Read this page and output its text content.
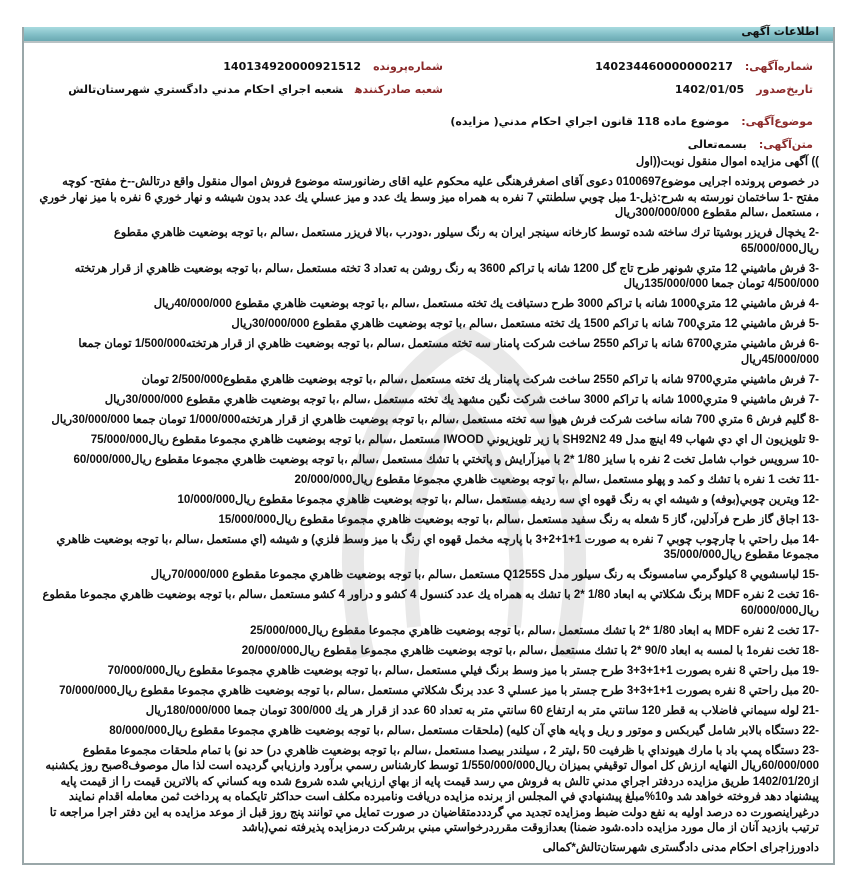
اطلاعات آگهی
شماره‌آگهی:140234460000000217
شماره‌پرونده140134920000921512
تاریخ‌صدور1402/01/05
شعبه صادر‌کنندهشعبه اجراي احكام مدني دادگستري شهرستان‌تالش
موضوع‌آگهی:موضوع ماده 118 قانون اجراي احكام مدني( مزايده)
متن‌آگهی:بسمه‌تعالی

)) آگهی مزایده اموال منقول نوبت((اول

در خصوص پرونده اجرایی موضوع0100697 دعوی آقای اصغرفرهنگی علیه محکوم علیه اقای رضانورسته موضوع فروش اموال منقول واقع درتالش--خ مفتح- کوچه مفتح -1 ساختمان نورسته به شرح:ذیل-1 مبل چوبي سلطنتي 7 نفره به همراه ميز وسط يك عدد و ميز عسلي يك عدد بدون شيشه و نهار خوري 6 نفره با ميز نهار خوري ، مستعمل ،سالم مقطوع 300/000/000ريال

-2 یخچال فریزر بوشیتا ترك ساخته شده توسط کارخانه سینجر ایران به رنگ سیلور ،دودرب ،بالا فریزر مستعمل ،سالم ،با توجه بوضعيت ظاهري مقطوع ريال65/000/000

-3 فرش ماشيني 12 متري شونهر طرح تاج گل 1200 شانه با تراكم 3600 به رنگ روشن به تعداد 3 تخته مستعمل ،سالم ،با توجه بوضعيت ظاهري از قرار هرتخته 4/500/000 تومان جمعا 135/000/000ريال

-4 فرش ماشيني 12 متري1000 شانه با تراكم 3000 طرح دستبافت يك تخته مستعمل ،سالم ،با توجه بوضعيت ظاهري مقطوع 40/000/000ريال

-5 فرش ماشيني 12 متري700 شانه با تراكم 1500 يك تخته مستعمل ،سالم ،با توجه بوضعيت ظاهري مقطوع 30/000/000ريال

-6 فرش ماشيني متري6700 شانه با تراكم 2550 ساخت شركت پامنار سه تخته مستعمل ،سالم ،با توجه بوضعيت ظاهري از قرار هرتخته1/500/000 تومان جمعا 45/000/000ريال

-7 فرش ماشيني متري9700 شانه با تراكم 2550 ساخت شركت پامنار يك تخته مستعمل ،سالم ،با توجه بوضعيت ظاهري مقطوع2/500/000 تومان

-7 فرش ماشيني 9 متري1000 شانه با تراكم 3000 ساخت شركت نگين مشهد يك تخته مستعمل ،سالم ،با توجه بوضعيت ظاهري مقطوع 30/000/000ريال

-8 گليم فرش 6 متري 700 شانه ساخت شركت فرش هيوا سه تخته مستعمل ،سالم ،با توجه بوضعيت ظاهري از قرار هرتخته1/000/000 تومان جمعا 30/000/000ريال

-9 تلويزيون ال اي دي شهاب 49 اينچ مدل 49 SH92N2 با زير تلويزيوني IWOOD مستعمل ،سالم ،با توجه بوضعيت ظاهري مجموعا مقطوع ريال75/000/000

-10 سرويس خواب شامل تخت 2 نفره با سايز 1/80 *2 با ميزآرايش و پاتختي با تشك مستعمل ،سالم ،با توجه بوضعيت ظاهري مجموعا مقطوع ريال60/000/000

-11 تخت 1 نفره با تشك و كمد و پهلو مستعمل ،سالم ،با توجه بوضعيت ظاهري مجموعا مقطوع ريال20/000/000

-12 ويترين چوبي(بوفه) و شيشه اي به رنگ قهوه اي سه رديفه مستعمل ،سالم ،با توجه بوضعيت ظاهري مجموعا مقطوع ريال10/000/000

-13 اجاق گاز طرح فرآدلين، گاز 5 شعله به رنگ سفيد مستعمل ،سالم ،با توجه بوضعيت ظاهري مجموعا مقطوع ريال15/000/000

-14 مبل راحتي با چارچوب چوبي 7 نفره به صورت 1+1+2+3 با پارچه مخمل قهوه اي رنگ با ميز وسط فلزي) و شيشه (اي مستعمل ،سالم ،با توجه بوضعيت ظاهري مجموعا مقطوع ريال35/000/000

-15 لباسشويي 8 كيلوگرمي سامسونگ به رنگ سيلور مدل Q1255S مستعمل ،سالم ،با توجه بوضعيت ظاهري مجموعا مقطوع 70/000/000ريال

-16 تخت 2 نفره MDF برنگ شكلاتي به ابعاد 1/80 *2 با تشك به همراه يك عدد كنسول 4 كشو و دراور 4 كشو مستعمل ،سالم ،با توجه بوضعيت ظاهري مجموعا مقطوع ريال60/000/000

-17 تخت 2 نفره MDF به ابعاد 1/80 *2 با تشك مستعمل ،سالم ،با توجه بوضعيت ظاهري مجموعا مقطوع ريال25/000/000

-18 تخت نفره1 با لمسه به ابعاد 90/0 *2 با تشك مستعمل ،سالم ،با توجه بوضعيت ظاهري مجموعا مقطوع ريال20/000/000

-19 مبل راحتي 8 نفره بصورت 1+1+3+3 طرح جستر با ميز وسط برنگ فيلي مستعمل ،سالم ،با توجه بوضعيت ظاهري مجموعا مقطوع ريال70/000/000

-20 مبل راحتي 8 نفره بصورت 1+1+3+3 طرح جستر با ميز عسلي 3 عدد برنگ شكلاتي مستعمل ،سالم ،با توجه بوضعيت ظاهري مجموعا مقطوع ريال70/000/000

-21 لوله سيماني فاضلاب به قطر 120 سانتي متر به ارتفاع 60 سانتي متر به تعداد 60 عدد از قرار هر يك 300/000 تومان جمعا 180/000/000ريال

-22 دستگاه بالابر شامل گيربكس و موتور و ريل و پايه هاي آن كليه) (ملحقات مستعمل ،سالم ،با توجه بوضعيت ظاهري مجموعا مقطوع ريال80/000/000

-23 دستگاه پمپ باد با مارك هيونداي با ظرفيت 50 ،ليتر 2 ، سيلندر بيصدا مستعمل ،سالم ،با توجه بوضعيت ظاهري در) حد نو) با تمام ملحقات مجموعا مقطوع 60/000/000ريال النهايه ارزش كل اموال توقيفي بميزان ريال1/550/000/000 توسط كارشناس رسمي برآورد وارزيابي گرديده است لذا مال موصوف8صبح روز يكشنبه از1402/01/20 طريق مزايده دردفتر اجراي مدني تالش به فروش مي رسد قيمت پايه از بهاي ارزيابي شده شروع شده وبه كساني كه بالاترين قيمت را از قيمت پايه پيشنهاد دهد فروخته خواهد شد و10%مبلغ پيشنهادي في المجلس از برنده مزايده دريافت ونامبرده مكلف است حداكثر تايكماه به پرداخت ثمن معامله اقدام نمايند درغيراينصورت ده درصد اوليه به نفع دولت ضبط ومزايده تجديد مي گردددمتقاضيان در صورت تمايل مي توانند پنج روز قبل از موعد مزايده به اين دفتر اجرا مراجعه تا ترتيب بازديد آنان از مال مورد مزايده داده.شود ضمنا) بعدازوقت مقرردرخواستي مبني برشركت درمزايده پذيرفته نمي(باشد

دادورزاجراى احكام مدنى دادگسترى شهرستان‌تالش*كمالى
